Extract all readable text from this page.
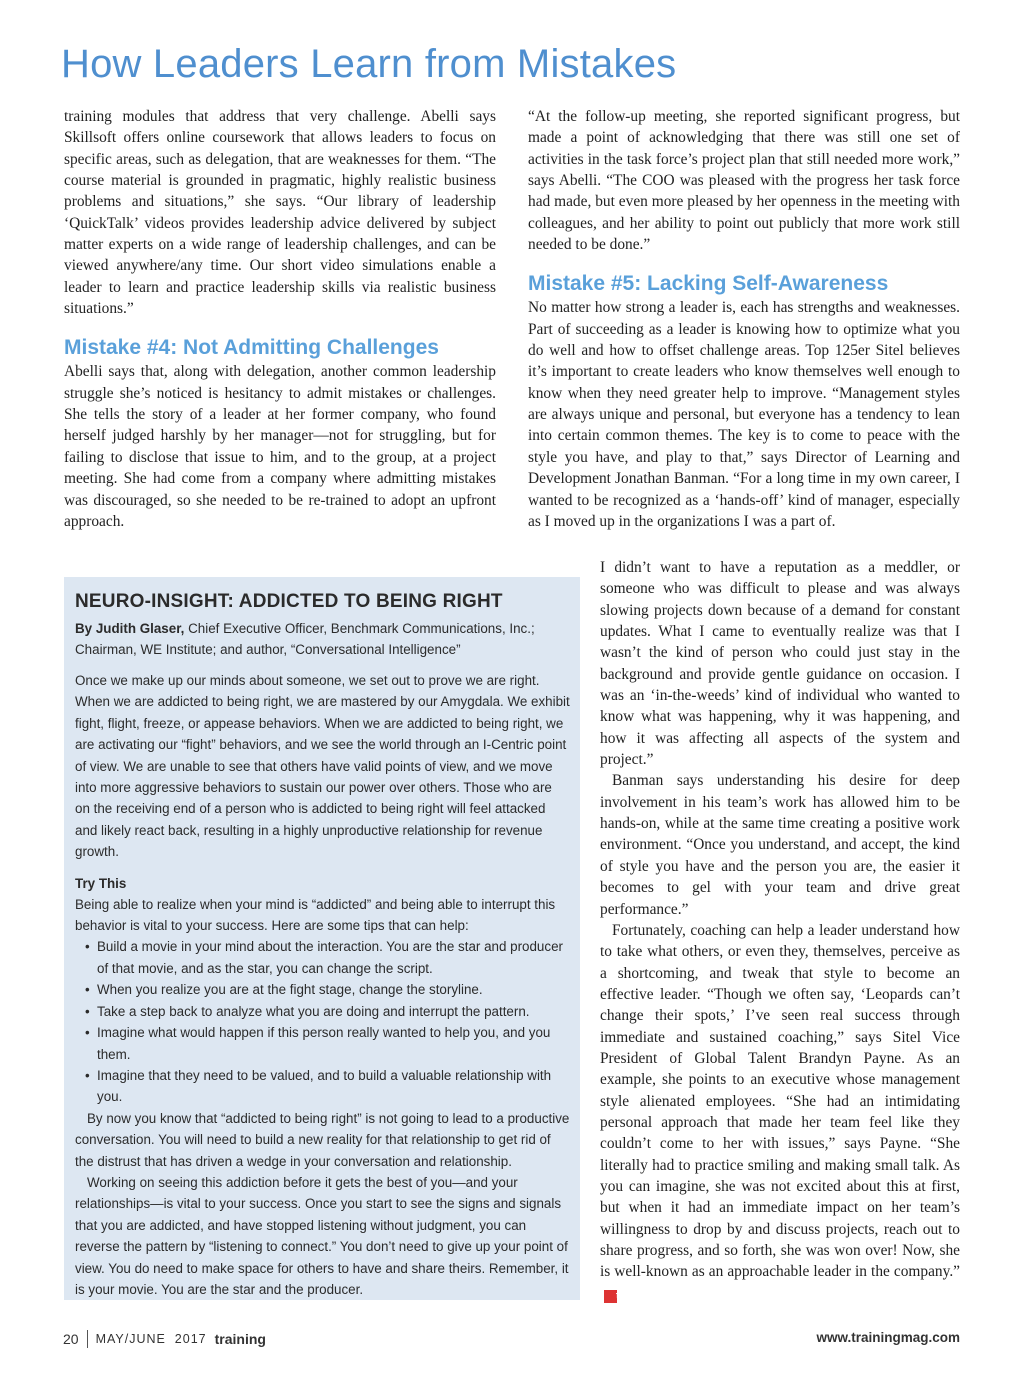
How Leaders Learn from Mistakes

training modules that address that very challenge. Abelli says Skillsoft offers online coursework that allows leaders to focus on specific areas, such as delegation, that are weaknesses for them. “The course material is grounded in pragmatic, highly realistic business problems and situations,” she says. “Our library of leadership ‘QuickTalk’ videos provides leadership advice delivered by subject matter experts on a wide range of leadership challenges, and can be viewed anywhere/any time. Our short video simulations enable a leader to learn and practice leadership skills via realistic business situations.”

Mistake #4: Not Admitting Challenges

Abelli says that, along with delegation, another common leadership struggle she’s noticed is hesitancy to admit mistakes or challenges. She tells the story of a leader at her former company, who found herself judged harshly by her manager—not for struggling, but for failing to disclose that issue to him, and to the group, at a project meeting. She had come from a company where admitting mistakes was discouraged, so she needed to be re-trained to adopt an upfront approach.

“At the follow-up meeting, she reported significant progress, but made a point of acknowledging that there was still one set of activities in the task force’s project plan that still needed more work,” says Abelli. “The COO was pleased with the progress her task force had made, but even more pleased by her openness in the meeting with colleagues, and her ability to point out publicly that more work still needed to be done.”

Mistake #5: Lacking Self-Awareness

No matter how strong a leader is, each has strengths and weaknesses. Part of succeeding as a leader is knowing how to optimize what you do well and how to offset challenge areas. Top 125er Sitel believes it’s important to create leaders who know themselves well enough to know when they need greater help to improve. “Management styles are always unique and personal, but everyone has a tendency to lean into certain common themes. The key is to come to peace with the style you have, and play to that,” says Director of Learning and Development Jonathan Banman. “For a long time in my own career, I wanted to be recognized as a ‘hands-off’ kind of manager, especially as I moved up in the organizations I was a part of.

I didn’t want to have a reputation as a meddler, or someone who was difficult to please and was always slowing projects down because of a demand for constant updates. What I came to eventually realize was that I wasn’t the kind of person who could just stay in the background and provide gentle guidance on occasion. I was an ‘in-the-weeds’ kind of individual who wanted to know what was happening, why it was happening, and how it was affecting all aspects of the system and project.”

Banman says understanding his desire for deep involvement in his team’s work has allowed him to be hands-on, while at the same time creating a positive work environment. “Once you understand, and accept, the kind of style you have and the person you are, the easier it becomes to gel with your team and drive great performance.”

Fortunately, coaching can help a leader understand how to take what others, or even they, themselves, perceive as a shortcoming, and tweak that style to become an effective leader. “Though we often say, ‘Leopards can’t change their spots,’ I’ve seen real success through immediate and sustained coaching,” says Sitel Vice President of Global Talent Brandyn Payne. As an example, she points to an executive whose management style alienated employees. “She had an intimidating personal approach that made her team feel like they couldn’t come to her with issues,” says Payne. “She literally had to practice smiling and making small talk. As you can imagine, she was not excited about this at first, but when it had an immediate impact on her team’s willingness to drop by and discuss projects, reach out to share progress, and so forth, she was won over! Now, she is well-known as an approachable leader in the company.”t

NEURO-INSIGHT: ADDICTED TO BEING RIGHT

By Judith Glaser, Chief Executive Officer, Benchmark Communications, Inc.; Chairman, WE Institute; and author, “Conversational Intelligence”

Once we make up our minds about someone, we set out to prove we are right. When we are addicted to being right, we are mastered by our Amygdala. We exhibit fight, flight, freeze, or appease behaviors. When we are addicted to being right, we are activating our “fight” behaviors, and we see the world through an I-Centric point of view. We are unable to see that others have valid points of view, and we move into more aggressive behaviors to sustain our power over others. Those who are on the receiving end of a person who is addicted to being right will feel attacked and likely react back, resulting in a highly unproductive relationship for revenue growth.

Try This

Being able to realize when your mind is “addicted” and being able to interrupt this behavior is vital to your success. Here are some tips that can help:

• Build a movie in your mind about the interaction. You are the star and producer of that movie, and as the star, you can change the script.
• When you realize you are at the fight stage, change the storyline.
• Take a step back to analyze what you are doing and interrupt the pattern.
• Imagine what would happen if this person really wanted to help you, and you them.
• Imagine that they need to be valued, and to build a valuable relationship with you.

By now you know that “addicted to being right” is not going to lead to a productive conversation. You will need to build a new reality for that relationship to get rid of the distrust that has driven a wedge in your conversation and relationship.

Working on seeing this addiction before it gets the best of you—and your relationships—is vital to your success. Once you start to see the signs and signals that you are addicted, and have stopped listening without judgment, you can reverse the pattern by “listening to connect.” You don’t need to give up your point of view. You do need to make space for others to have and share theirs. Remember, it is your movie. You are the star and the producer.

20 MAY/JUNE  2017 training	www.trainingmag.com
